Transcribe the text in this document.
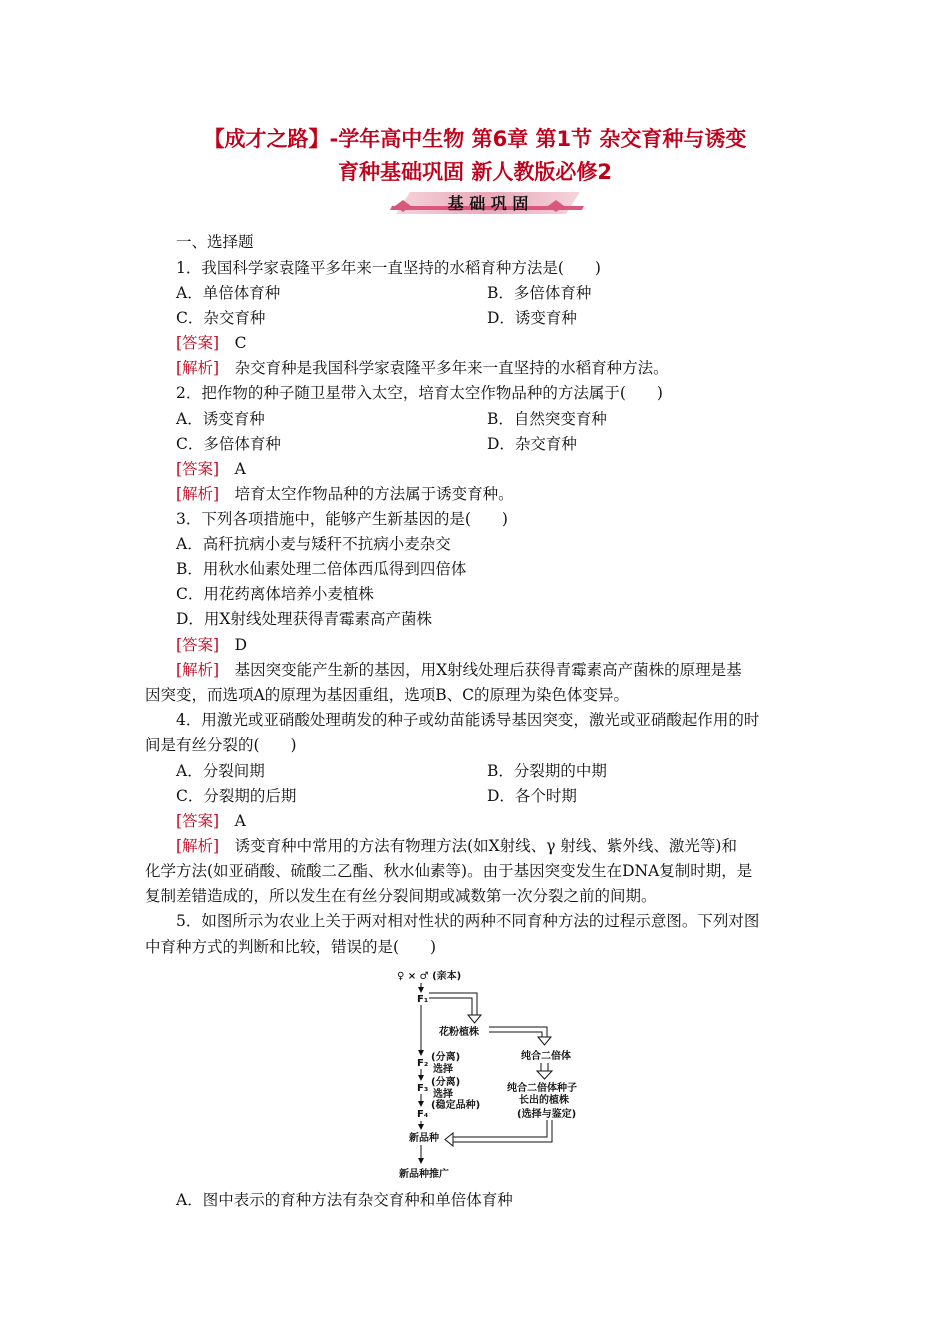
【成才之路】-学年高中生物 第6章 第1节 杂交育种与诱变
育种基础巩固 新人教版必修2
基 础 巩 固
一、选择题
1．我国科学家袁隆平多年来一直坚持的水稻育种方法是(　　)
A．单倍体育种	B．多倍体育种
C．杂交育种	D．诱变育种
[答案]　 C
[解析]　 杂交育种是我国科学家袁隆平多年来一直坚持的水稻育种方法。
2．把作物的种子随卫星带入太空，培育太空作物品种的方法属于(　　)
A．诱变育种	B．自然突变育种
C．多倍体育种	D．杂交育种
[答案]　 A
[解析]　 培育太空作物品种的方法属于诱变育种。
3．下列各项措施中，能够产生新基因的是(　　)
A．高秆抗病小麦与矮秆不抗病小麦杂交
B．用秋水仙素处理二倍体西瓜得到四倍体
C．用花药离体培养小麦植株
D．用X射线处理获得青霉素高产菌株
[答案]　 D
[解析]　 基因突变能产生新的基因，用X射线处理后获得青霉素高产菌株的原理是基
因突变，而选项A的原理为基因重组，选项B、C的原理为染色体变异。
4．用激光或亚硝酸处理萌发的种子或幼苗能诱导基因突变，激光或亚硝酸起作用的时
间是有丝分裂的(　　)
A．分裂间期	B．分裂期的中期
C．分裂期的后期	D．各个时期
[答案]　 A
[解析]　 诱变育种中常用的方法有物理方法(如X射线、γ 射线、紫外线、激光等)和
化学方法(如亚硝酸、硫酸二乙酯、秋水仙素等)。由于基因突变发生在DNA复制时期，是
复制差错造成的，所以发生在有丝分裂间期或减数第一次分裂之前的间期。
5．如图所示为农业上关于两对相对性状的两种不同育种方法的过程示意图。下列对图
中育种方式的判断和比较，错误的是(　　)
♀ × ♂ (亲本)
F₁
F₂
(分离)
选择
F₃
(分离)
选择
F₄
(稳定品种)
新品种
新品种推广
花粉植株
纯合二倍体
纯合二倍体种子
长出的植株
(选择与鉴定)
A．图中表示的育种方法有杂交育种和单倍体育种
